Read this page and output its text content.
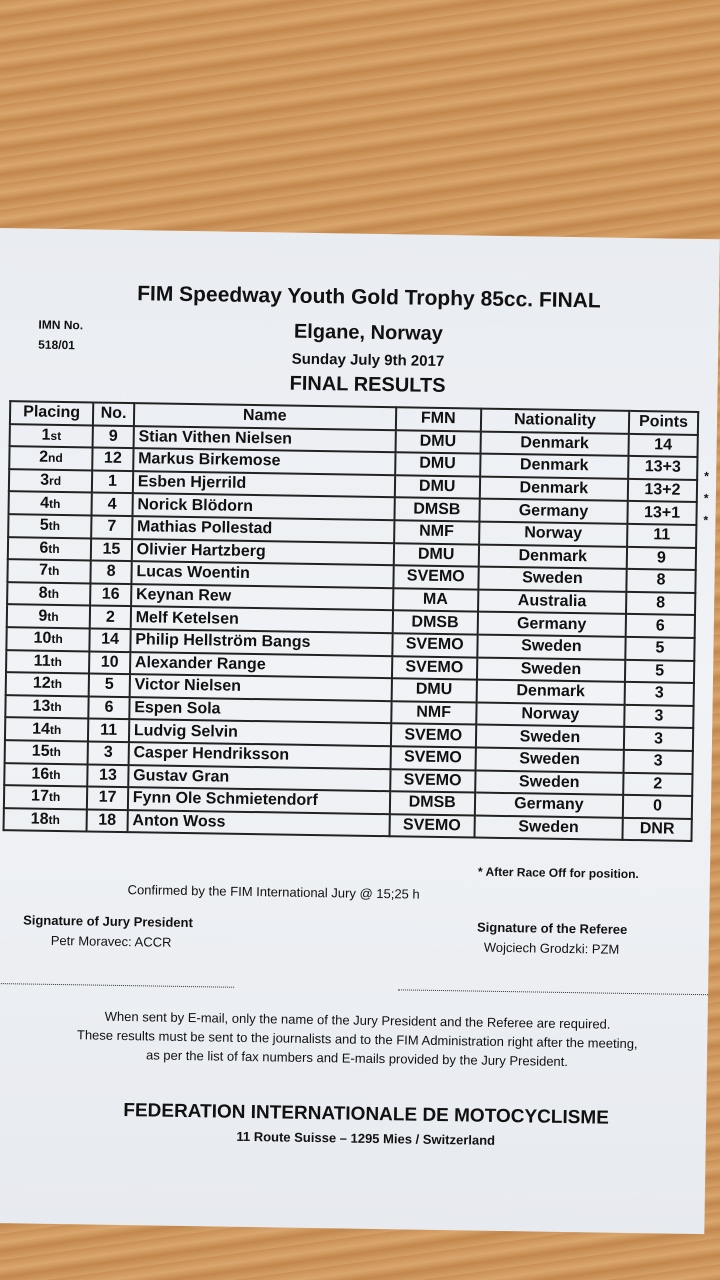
IMN No.
518/01
FIM Speedway Youth Gold Trophy 85cc. FINAL
Elgane, Norway
Sunday July 9th 2017
FINAL RESULTS
Placing	No.	Name	FMN	Nationality	Points
1st	9	Stian Vithen Nielsen	DMU	Denmark	14
2nd	12	Markus Birkemose	DMU	Denmark	13+3
3rd	1	Esben Hjerrild	DMU	Denmark	13+2
4th	4	Norick Blödorn	DMSB	Germany	13+1
5th	7	Mathias Pollestad	NMF	Norway	11
6th	15	Olivier Hartzberg	DMU	Denmark	9
7th	8	Lucas Woentin	SVEMO	Sweden	8
8th	16	Keynan Rew	MA	Australia	8
9th	2	Melf Ketelsen	DMSB	Germany	6
10th	14	Philip Hellström Bangs	SVEMO	Sweden	5
11th	10	Alexander Range	SVEMO	Sweden	5
12th	5	Victor Nielsen	DMU	Denmark	3
13th	6	Espen Sola	NMF	Norway	3
14th	11	Ludvig Selvin	SVEMO	Sweden	3
15th	3	Casper Hendriksson	SVEMO	Sweden	3
16th	13	Gustav Gran	SVEMO	Sweden	2
17th	17	Fynn Ole Schmietendorf	DMSB	Germany	0
18th	18	Anton Woss	SVEMO	Sweden	DNR
*
*
*
* After Race Off for position.
Confirmed by the FIM International Jury @ 15;25 h
Signature of Jury President
Petr Moravec: ACCR
Signature of the Referee
Wojciech Grodzki: PZM
When sent by E-mail, only the name of the Jury President and the Referee are required.
These results must be sent to the journalists and to the FIM Administration right after the meeting,
as per the list of fax numbers and E-mails provided by the Jury President.
FEDERATION INTERNATIONALE DE MOTOCYCLISME
11 Route Suisse – 1295 Mies / Switzerland
